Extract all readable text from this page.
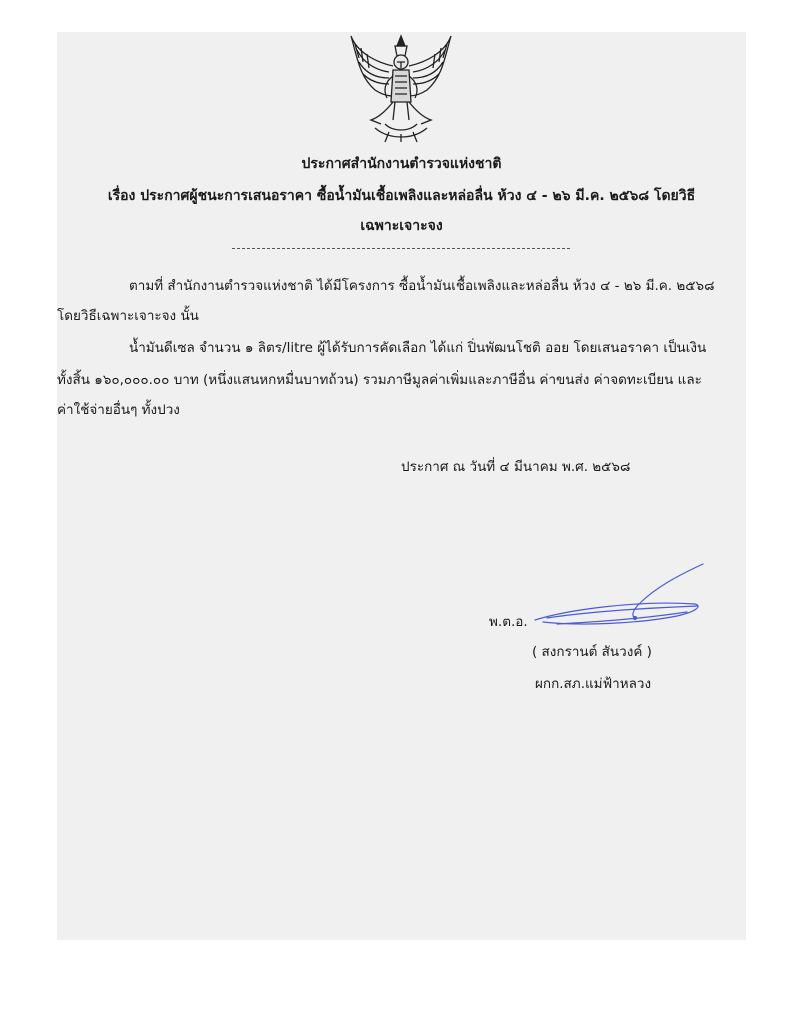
ประกาศสำนักงานตำรวจแห่งชาติ
เรื่อง ประกาศผู้ชนะการเสนอราคา ซื้อน้ำมันเชื้อเพลิงและหล่อลื่น ห้วง ๔ - ๒๖ มี.ค. ๒๕๖๘ โดยวิธี
เฉพาะเจาะจง
ตามที่ สำนักงานตำรวจแห่งชาติ ได้มีโครงการ ซื้อน้ำมันเชื้อเพลิงและหล่อลื่น ห้วง ๔ - ๒๖ มี.ค. ๒๕๖๘
โดยวิธีเฉพาะเจาะจง นั้น
น้ำมันดีเซล จำนวน ๑ ลิตร/litre ผู้ได้รับการคัดเลือก ได้แก่ ปิ่นพัฒนโชติ ออย โดยเสนอราคา เป็นเงิน
ทั้งสิ้น ๑๖๐,๐๐๐.๐๐ บาท (หนึ่งแสนหกหมื่นบาทถ้วน) รวมภาษีมูลค่าเพิ่มและภาษีอื่น ค่าขนส่ง ค่าจดทะเบียน และ
ค่าใช้จ่ายอื่นๆ ทั้งปวง
ประกาศ ณ วันที่ ๔ มีนาคม พ.ศ. ๒๕๖๘
พ.ต.อ.
( สงกรานต์ สันวงค์ )
ผกก.สภ.แม่ฟ้าหลวง
